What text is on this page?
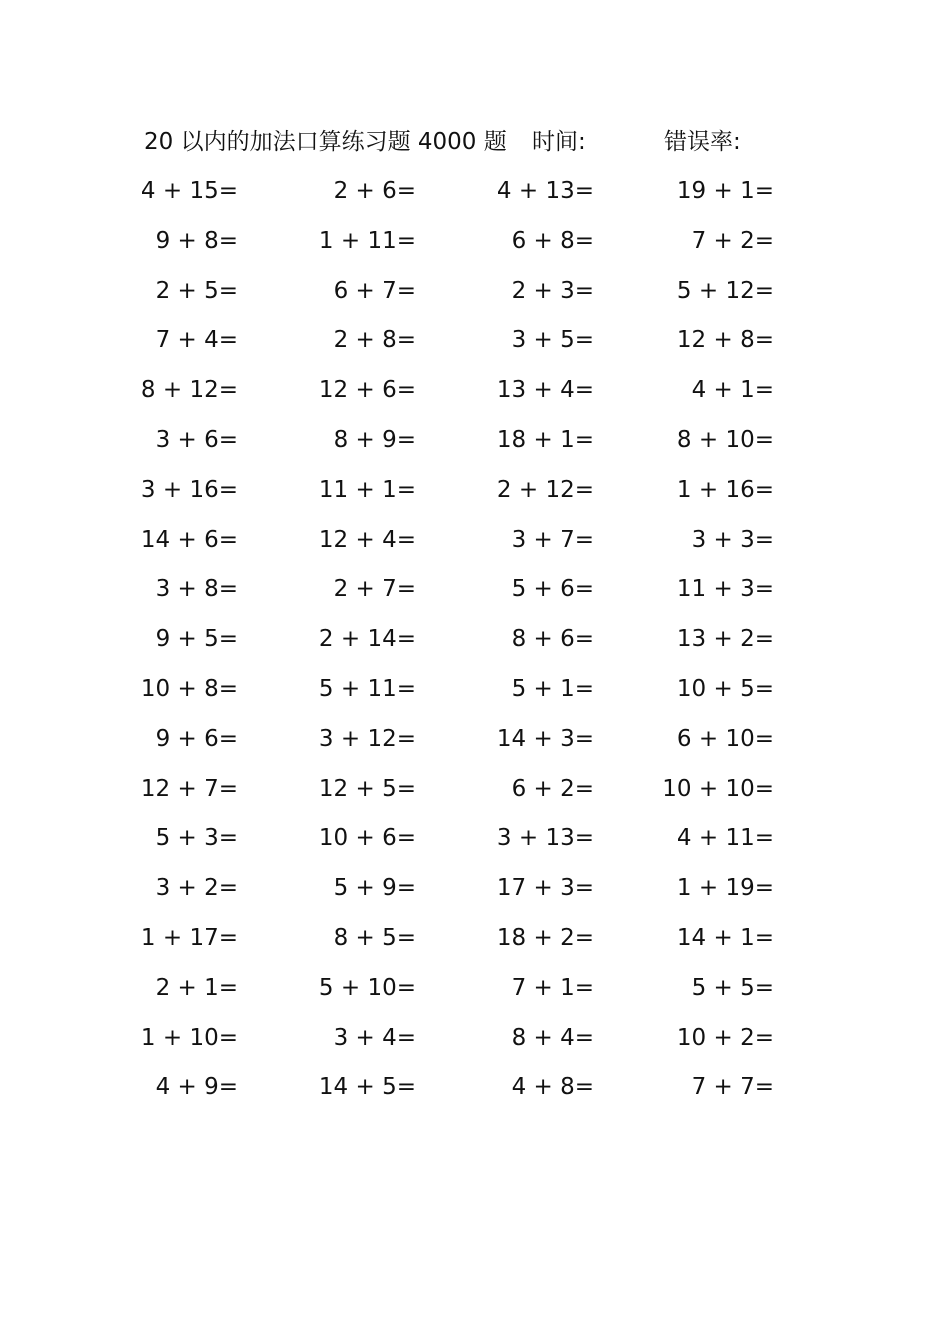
20 以内的加法口算练习题 4000 题 时间:	错误率:
4 + 15=	2 + 6=	4 + 13=	19 + 1=
9 + 8=	1 + 11=	6 + 8=	7 + 2=
2 + 5=	6 + 7=	2 + 3=	5 + 12=
7 + 4=	2 + 8=	3 + 5=	12 + 8=
8 + 12=	12 + 6=	13 + 4=	4 + 1=
3 + 6=	8 + 9=	18 + 1=	8 + 10=
3 + 16=	11 + 1=	2 + 12=	1 + 16=
14 + 6=	12 + 4=	3 + 7=	3 + 3=
3 + 8=	2 + 7=	5 + 6=	11 + 3=
9 + 5=	2 + 14=	8 + 6=	13 + 2=
10 + 8=	5 + 11=	5 + 1=	10 + 5=
9 + 6=	3 + 12=	14 + 3=	6 + 10=
12 + 7=	12 + 5=	6 + 2=	10 + 10=
5 + 3=	10 + 6=	3 + 13=	4 + 11=
3 + 2=	5 + 9=	17 + 3=	1 + 19=
1 + 17=	8 + 5=	18 + 2=	14 + 1=
2 + 1=	5 + 10=	7 + 1=	5 + 5=
1 + 10=	3 + 4=	8 + 4=	10 + 2=
4 + 9=	14 + 5=	4 + 8=	7 + 7=
